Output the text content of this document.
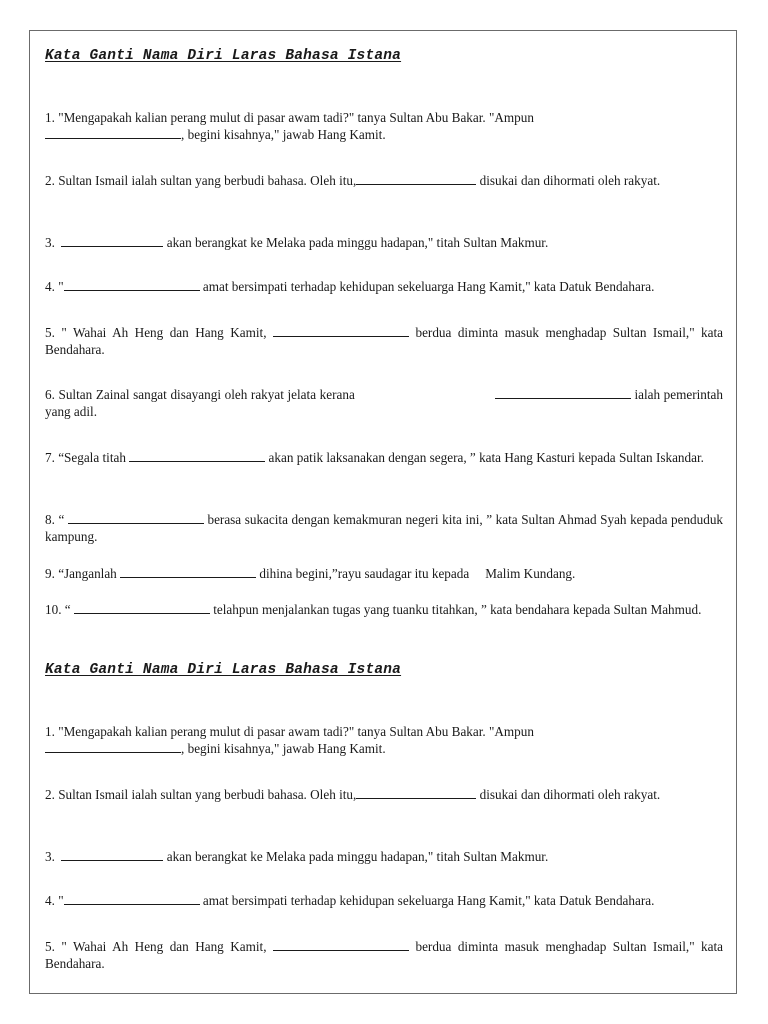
Kata Ganti Nama Diri Laras Bahasa Istana

1. "Mengapakah kalian perang mulut di pasar awam tadi?" tanya Sultan Abu Bakar. "Ampun
, begini kisahnya," jawab Hang Kamit.

2. Sultan Ismail ialah sultan yang berbudi bahasa. Oleh itu,	disukai dan dihormati oleh rakyat.

3.	akan berangkat ke Melaka pada minggu hadapan," titah Sultan Makmur.

4. "	amat bersimpati terhadap kehidupan sekeluarga Hang Kamit," kata Datuk Bendahara.

5. " Wahai Ah Heng dan Hang Kamit,	berdua diminta masuk menghadap Sultan Ismail," kata Bendahara.

6. Sultan Zainal sangat disayangi oleh rakyat jelata kerana	ialah pemerintah yang adil.

7. “Segala titah	akan patik laksanakan dengan segera, ” kata Hang Kasturi kepada Sultan Iskandar.

8. “	berasa sukacita dengan kemakmuran negeri kita ini, ” kata Sultan Ahmad Syah kepada penduduk kampung.

9. “Janganlah	dihina begini,”rayu saudagar itu kepada Malim Kundang.

10. “	telahpun menjalankan tugas yang tuanku titahkan, ” kata bendahara kepada Sultan Mahmud.

Kata Ganti Nama Diri Laras Bahasa Istana

1. "Mengapakah kalian perang mulut di pasar awam tadi?" tanya Sultan Abu Bakar. "Ampun
, begini kisahnya," jawab Hang Kamit.

2. Sultan Ismail ialah sultan yang berbudi bahasa. Oleh itu,	disukai dan dihormati oleh rakyat.

3.	akan berangkat ke Melaka pada minggu hadapan," titah Sultan Makmur.

4. "	amat bersimpati terhadap kehidupan sekeluarga Hang Kamit," kata Datuk Bendahara.

5. " Wahai Ah Heng dan Hang Kamit,	berdua diminta masuk menghadap Sultan Ismail," kata Bendahara.
